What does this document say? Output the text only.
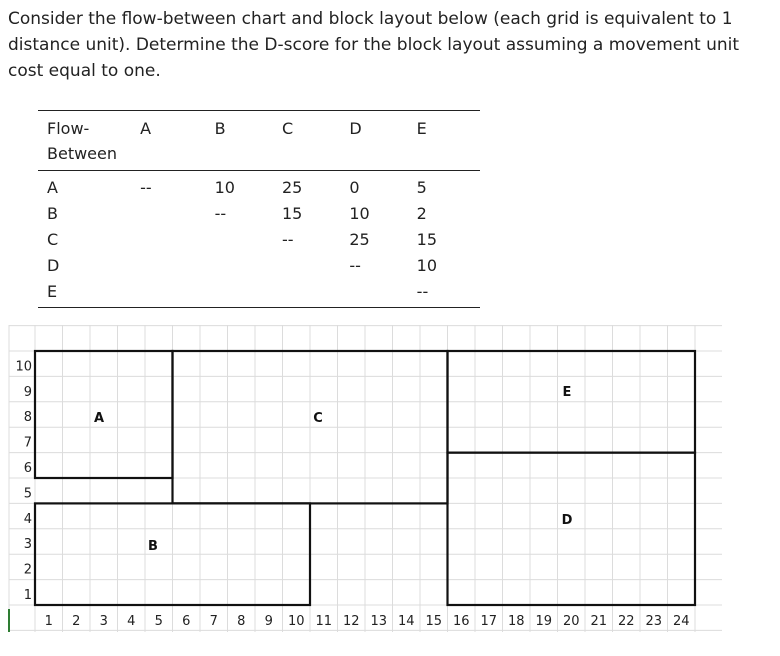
Consider the flow-between chart and block layout below (each grid is equivalent to 1 distance unit). Determine the D-score for the block layout assuming a movement unit cost equal to one.

Flow-
Between	A	B	C	D	E
A	--	10	25	0	5
B		--	15	10	2
C			--	25	15
D				--	10
E					--
1
2
3
4
5
6
7
8
9
10
1 2 3 4 5 6 7 8 9 10 11 12 13 14 15 16 17 18 19 20 21 22 23 24
A
B
C
D
E
